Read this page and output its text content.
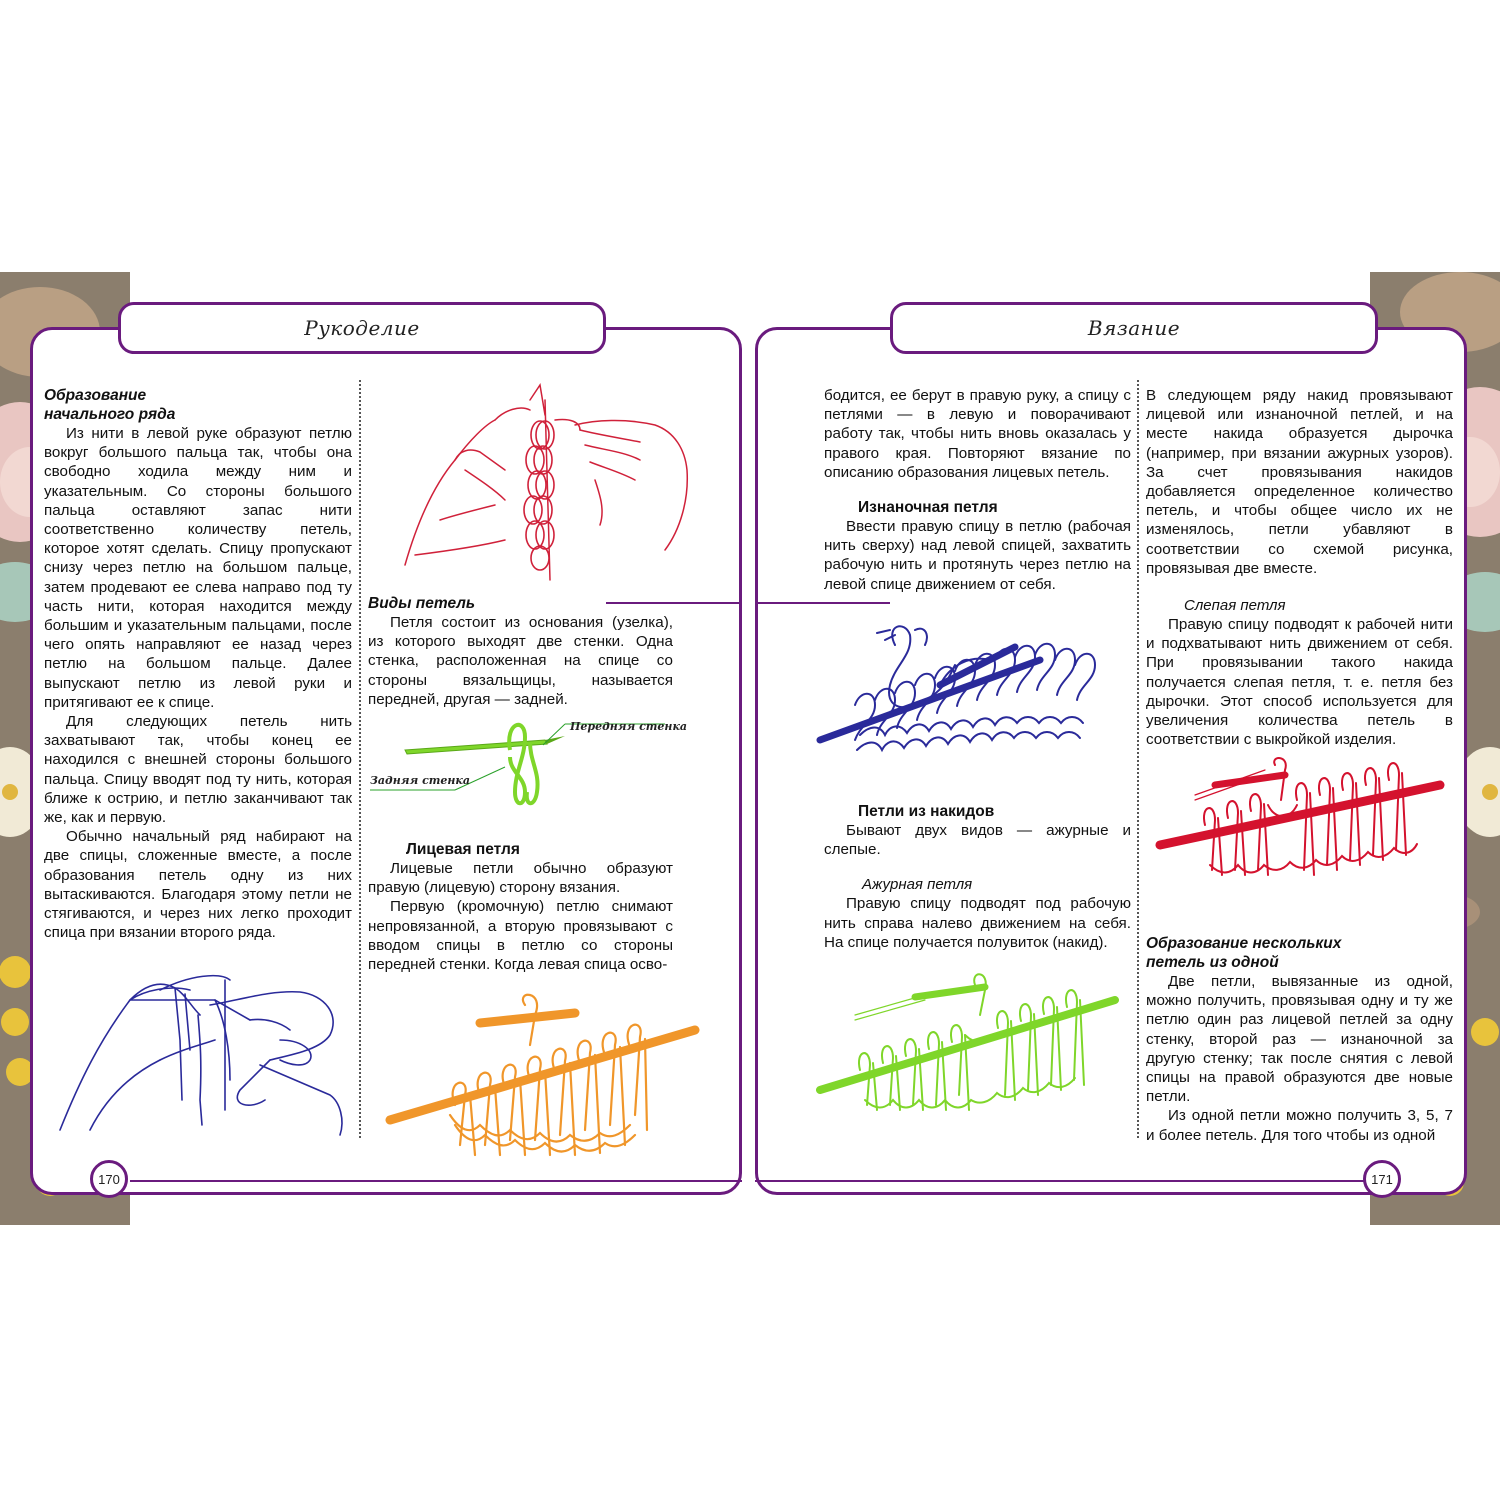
Рукоделие	Вязание
170	171

Образование

начального ряда

Из нити в левой руке образуют петлю вокруг большого пальца так, чтобы она свободно ходила между ним и указательным. Со стороны большого пальца оставляют запас нити соответственно количеству петель, которое хотят сделать. Спицу пропускают снизу через петлю на большом пальце, затем продевают ее слева направо под ту часть нити, которая находится между большим и указательным пальцами, после чего опять направляют ее назад через петлю на большом пальце. Далее выпускают петлю из левой руки и притягивают ее к спице.

Для следующих петель нить захватывают так, чтобы конец ее находился с внешней стороны большого пальца. Спицу вводят под ту нить, которая ближе к острию, и петлю заканчивают так же, как и первую.

Обычно начальный ряд набирают на две спицы, сложенные вместе, а после образования петель одну из них вытаскиваются. Благодаря этому петли не стягиваются, и через них легко проходит спица при вязании второго ряда.

Виды петель

Петля состоит из основания (узелка), из которого выходят две стенки. Одна стенка, расположенная на спице со стороны вязальщицы, называется передней, другая — задней.

Передняя стенка
Задняя стенка

Лицевая петля

Лицевые петли обычно образуют правую (лицевую) сторону вязания.

Первую (кромочную) петлю снимают непровязанной, а вторую провязывают с вводом спицы в петлю со стороны передней стенки. Когда левая спица осво-

бодится, ее берут в правую руку, а спицу с петлями — в левую и поворачивают работу так, чтобы нить вновь оказалась у правого края. Повторяют вязание по описанию образования лицевых петель.

Изнаночная петля

Ввести правую спицу в петлю (рабочая нить сверху) над левой спицей, захватить рабочую нить и протянуть через петлю на левой спице движением от себя.

Петли из накидов

Бывают двух видов — ажурные и слепые.

Ажурная петля

Правую спицу подводят под рабочую нить справа налево движением на себя. На спице получается полувиток (накид).

В следующем ряду накид провязывают лицевой или изнаночной петлей, и на месте накида образуется дырочка (например, при вязании ажурных узоров). За счет провязывания накидов добавляется определенное количество петель, и чтобы общее число их не изменялось, петли убавляют в соответствии со схемой рисунка, провязывая две вместе.

Слепая петля

Правую спицу подводят к рабочей нити и подхватывают нить движением от себя. При провязывании такого накида получается слепая петля, т. е. петля без дырочки. Этот способ используется для увеличения количества петель в соответствии с выкройкой изделия.

Образование нескольких

петель из одной

Две петли, вывязанные из одной, можно получить, провязывая одну и ту же петлю один раз лицевой петлей за одну стенку, второй раз — изнаночной за другую стенку; так после снятия с левой спицы на правой образуются две новые петли.

Из одной петли можно получить 3, 5, 7 и более петель. Для того чтобы из одной
